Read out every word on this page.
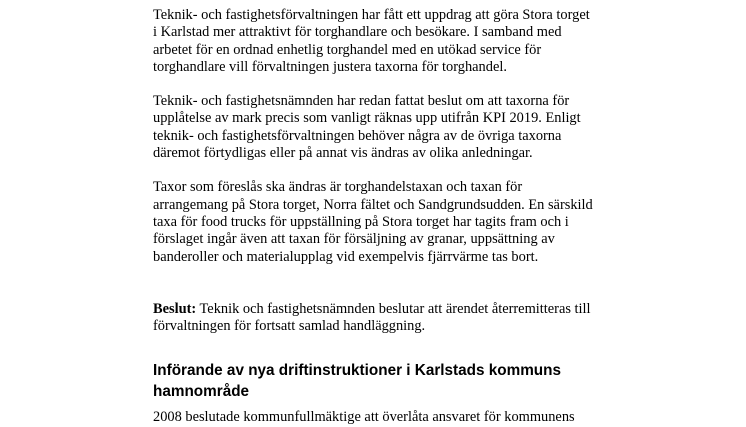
Teknik- och fastighetsförvaltningen har fått ett uppdrag att göra Stora torget
i Karlstad mer attraktivt för torghandlare och besökare. I samband med
arbetet för en ordnad enhetlig torghandel med en utökad service för
torghandlare vill förvaltningen justera taxorna för torghandel.

Teknik- och fastighetsnämnden har redan fattat beslut om att taxorna för
upplåtelse av mark precis som vanligt räknas upp utifrån KPI 2019. Enligt
teknik- och fastighetsförvaltningen behöver några av de övriga taxorna
däremot förtydligas eller på annat vis ändras av olika anledningar.

Taxor som föreslås ska ändras är torghandelstaxan och taxan för
arrangemang på Stora torget, Norra fältet och Sandgrundsudden. En särskild
taxa för food trucks för uppställning på Stora torget har tagits fram och i
förslaget ingår även att taxan för försäljning av granar, uppsättning av
banderoller och materialupplag vid exempelvis fjärrvärme tas bort.

Beslut: Teknik och fastighetsnämnden beslutar att ärendet återremitteras till
förvaltningen för fortsatt samlad handläggning.

Införande av nya driftinstruktioner i Karlstads kommuns
hamnområde
2008 beslutade kommunfullmäktige att överlåta ansvaret för kommunens
